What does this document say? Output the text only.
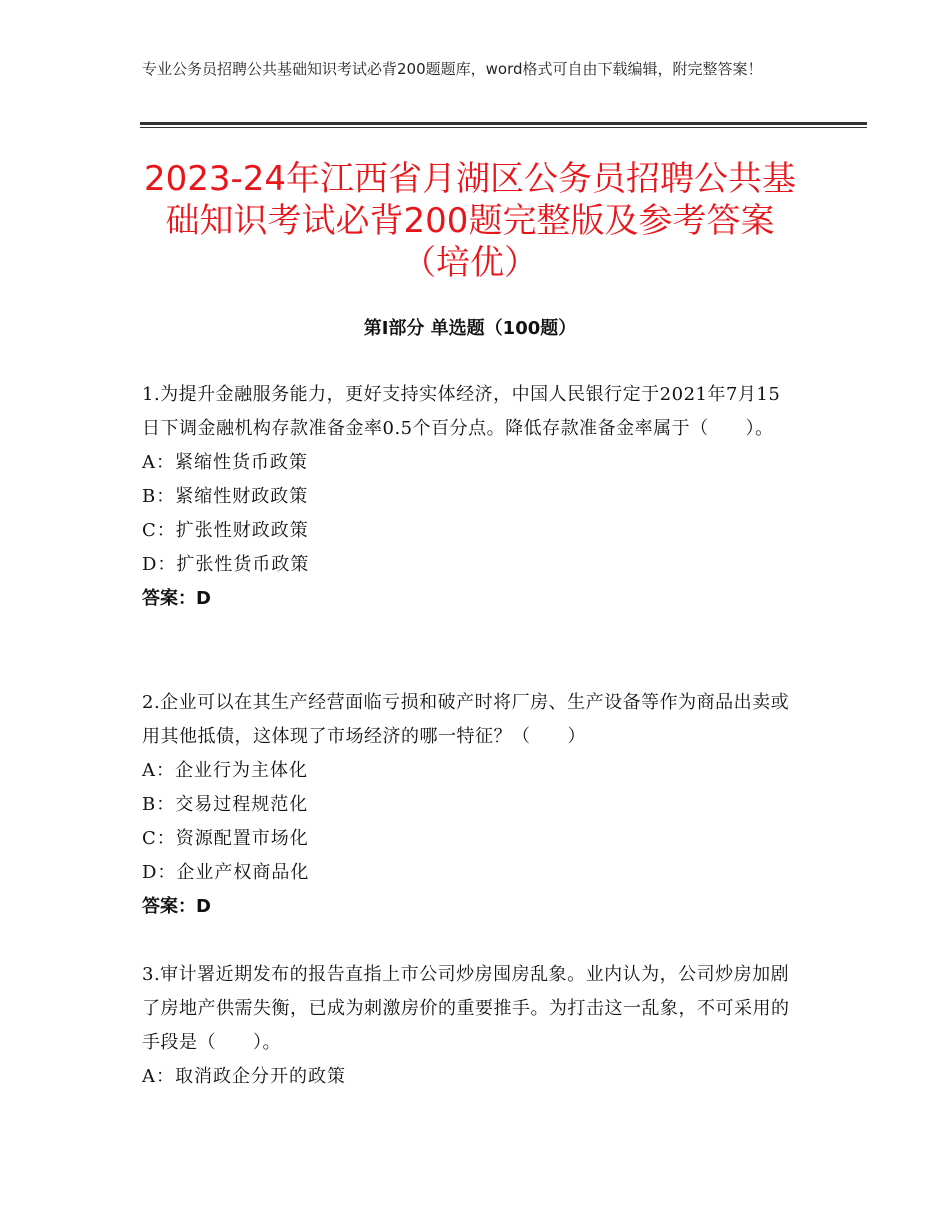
专业公务员招聘公共基础知识考试必背200题题库，word格式可自由下载编辑，附完整答案！
2023-24年江西省月湖区公务员招聘公共基础知识考试必背200题完整版及参考答案（培优）
第Ⅰ部分 单选题（100题）

1.为提升金融服务能力，更好支持实体经济，中国人民银行定于2021年7月15日下调金融机构存款准备金率0.5个百分点。降低存款准备金率属于（　　）。

A：紧缩性货币政策

B：紧缩性财政政策

C：扩张性财政政策

D：扩张性货币政策

答案：D

2.企业可以在其生产经营面临亏损和破产时将厂房、生产设备等作为商品出卖或用其他抵债，这体现了市场经济的哪一特征？（　　）

A：企业行为主体化

B：交易过程规范化

C：资源配置市场化

D：企业产权商品化

答案：D

3.审计署近期发布的报告直指上市公司炒房囤房乱象。业内认为，公司炒房加剧了房地产供需失衡，已成为刺激房价的重要推手。为打击这一乱象，不可采用的手段是（　　）。

A：取消政企分开的政策
